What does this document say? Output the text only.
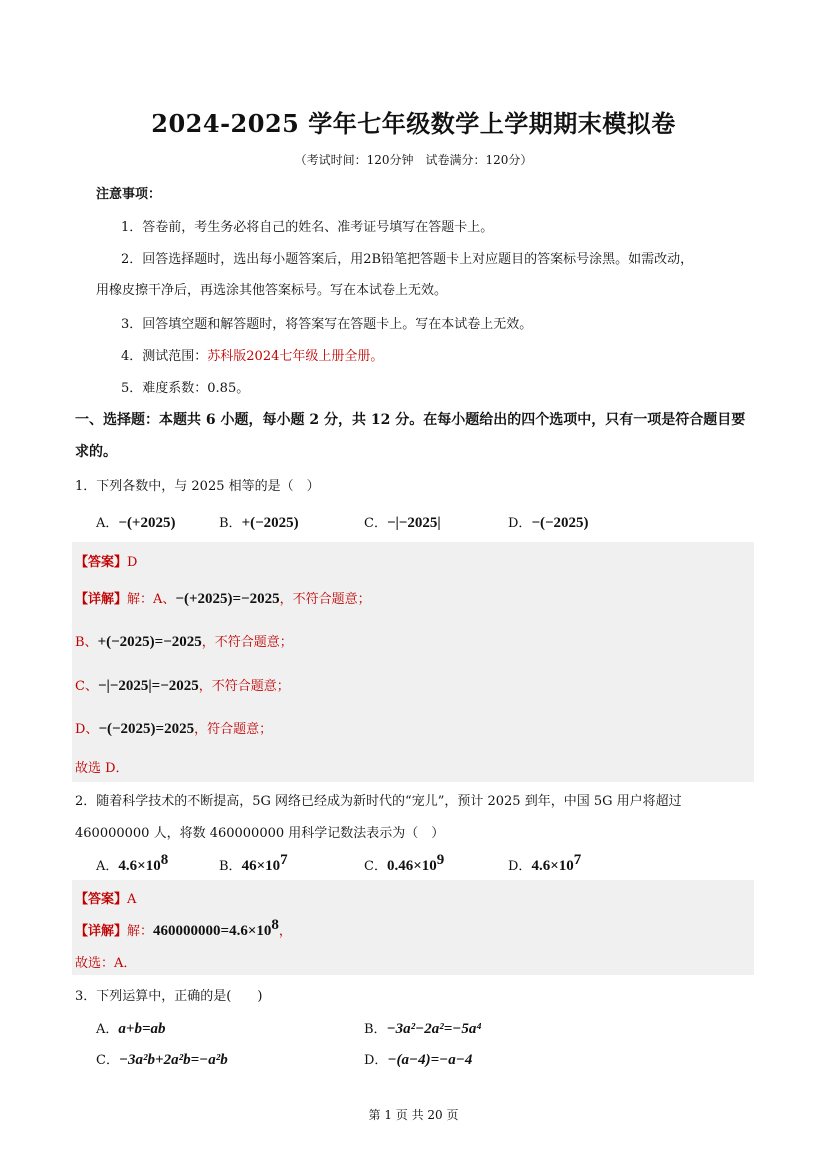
2024-2025 学年七年级数学上学期期末模拟卷
（考试时间：120分钟　试卷满分：120分）
注意事项：
1．答卷前，考生务必将自己的姓名、准考证号填写在答题卡上。
2．回答选择题时，选出每小题答案后，用2B铅笔把答题卡上对应题目的答案标号涂黑。如需改动，
用橡皮擦干净后，再选涂其他答案标号。写在本试卷上无效。
3．回答填空题和解答题时，将答案写在答题卡上。写在本试卷上无效。
4．测试范围：苏科版2024七年级上册全册。
5．难度系数：0.85。
一、选择题：本题共 6 小题，每小题 2 分，共 12 分。在每小题给出的四个选项中，只有一项是符合题目要
求的。
1．下列各数中，与 2025 相等的是（　）
A．−(+2025)	B．+(−2025)	C．−|−2025|	D．−(−2025)
【答案】D
【详解】解：A、−(+2025)=−2025，不符合题意；
B、+(−2025)=−2025，不符合题意；
C、−|−2025|=−2025，不符合题意；
D、−(−2025)=2025，符合题意；
故选 D．
2．随着科学技术的不断提高，5G 网络已经成为新时代的“宠儿”，预计 2025 到年，中国 5G 用户将超过
460000000 人，将数 460000000 用科学记数法表示为（　）
A．$4.6\times 10^8$	B．$46\times 10^7$	C．$0.46\times 10^9$	D．$4.6\times 10^7$
【答案】A
【详解】解：$460000000=4.6\times 10^8$，
故选：A．
3．下列运算中，正确的是(　　)
A．a+b=ab	B．−3a²−2a²=−5a⁴
C．−3a²b+2a²b=−a²b	D．−(a−4)=−a−4
第 1 页 共 20 页
